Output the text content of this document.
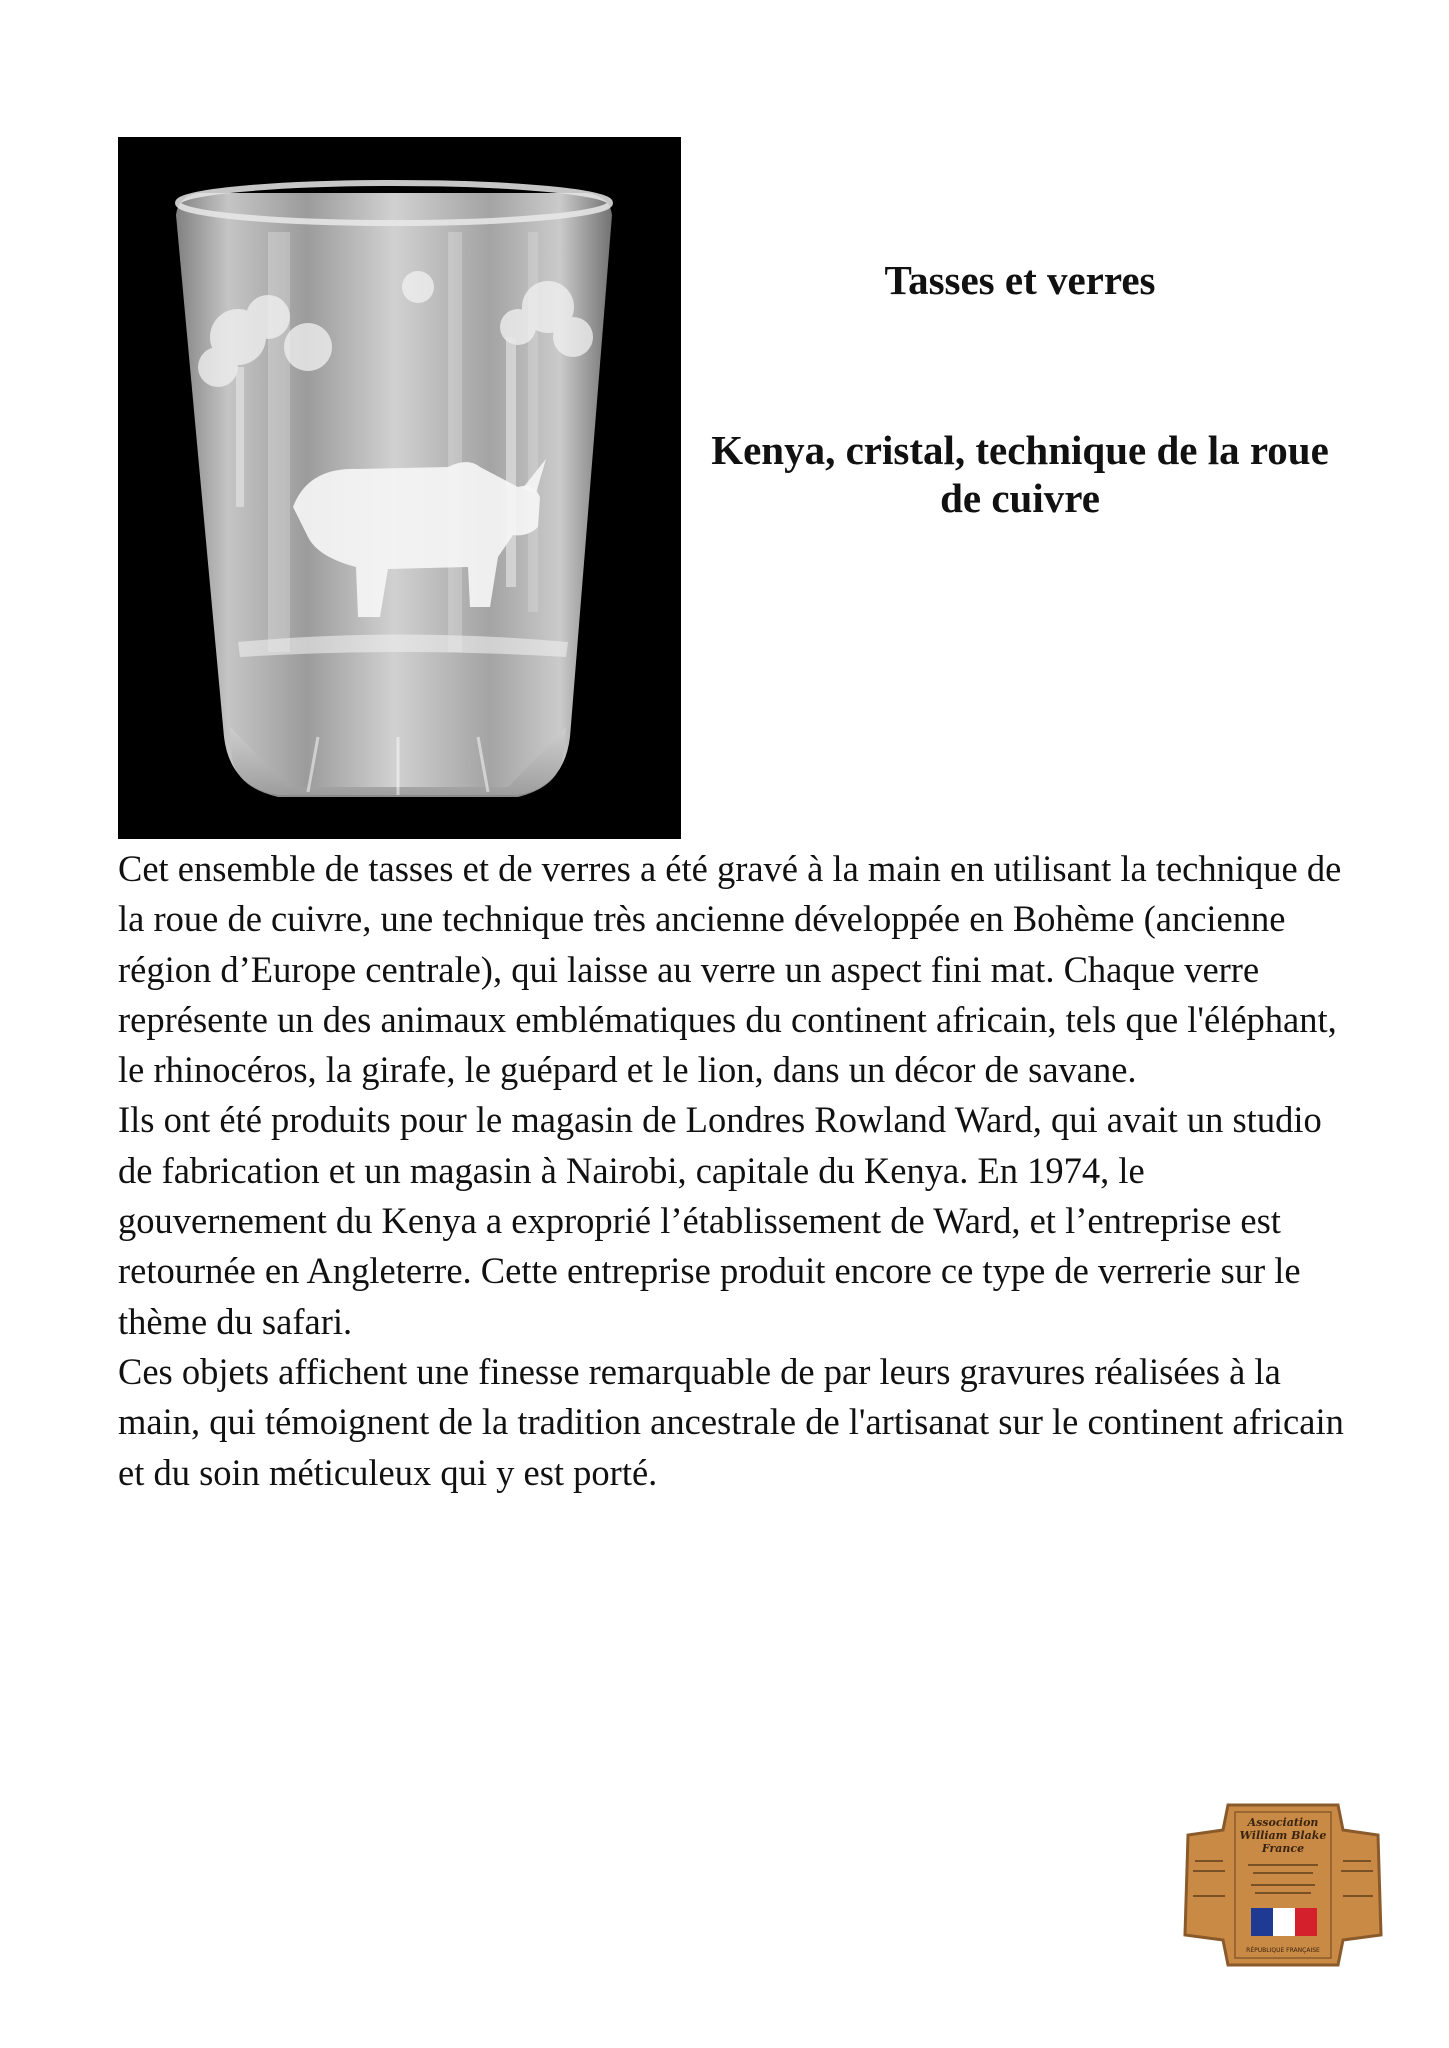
Tasses et verres
Kenya, cristal, technique de la roue de cuivre

Cet ensemble de tasses et de verres a été gravé à la main en utilisant la technique de la roue de cuivre, une technique très ancienne développée en Bohème (ancienne région d’Europe centrale), qui laisse au verre un aspect fini mat. Chaque verre représente un des animaux emblématiques du continent africain, tels que l'éléphant, le rhinocéros, la girafe, le guépard et le lion, dans un décor de savane.

Ils ont été produits pour le magasin de Londres Rowland Ward, qui avait un studio de fabrication et un magasin à Nairobi, capitale du Kenya. En 1974, le gouvernement du Kenya a exproprié l’établissement de Ward, et l’entreprise est retournée en Angleterre. Cette entreprise produit encore ce type de verrerie sur le thème du safari.

Ces objets affichent une finesse remarquable de par leurs gravures réalisées à la main, qui témoignent de la tradition ancestrale de l'artisanat sur le continent africain et du soin méticuleux qui y est porté.

Association
William Blake
France
RÉPUBLIQUE FRANÇAISE
